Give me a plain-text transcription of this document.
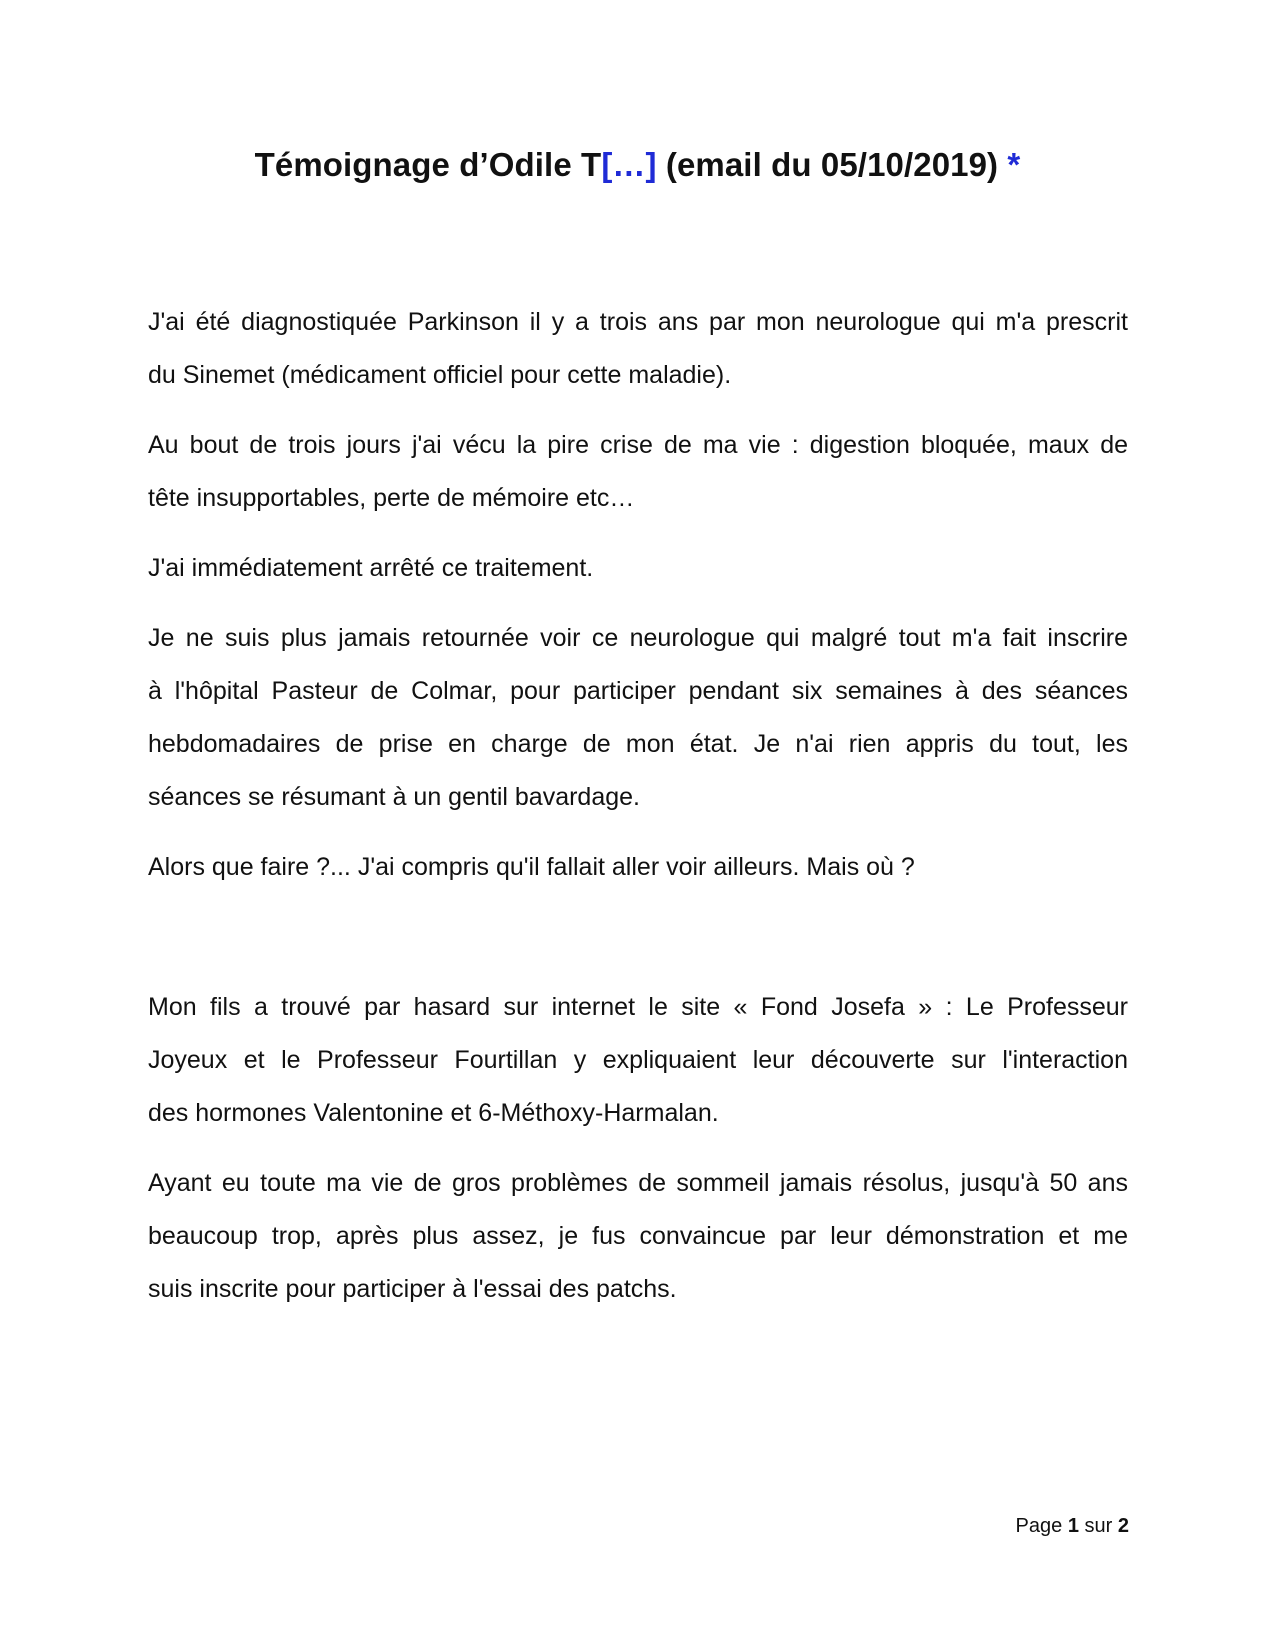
Témoignage d’Odile T[…] (email du 05/10/2019) *
J'ai été diagnostiquée Parkinson il y a trois ans par mon neurologue qui m'a prescrit
du Sinemet (médicament officiel pour cette maladie).
Au bout de trois jours j'ai vécu la pire crise de ma vie : digestion bloquée, maux de
tête insupportables, perte de mémoire etc…
J'ai immédiatement arrêté ce traitement.
Je ne suis plus jamais retournée voir ce neurologue qui malgré tout m'a fait inscrire
à l'hôpital Pasteur de Colmar, pour participer pendant six semaines à des séances
hebdomadaires de prise en charge de mon état. Je n'ai rien appris du tout, les
séances se résumant à un gentil bavardage.
Alors que faire ?... J'ai compris qu'il fallait aller voir ailleurs. Mais où ?
Mon fils a trouvé par hasard sur internet le site « Fond Josefa » : Le Professeur
Joyeux et le Professeur Fourtillan y expliquaient leur découverte sur l'interaction
des hormones Valentonine et 6-Méthoxy-Harmalan.
Ayant eu toute ma vie de gros problèmes de sommeil jamais résolus, jusqu'à 50 ans
beaucoup trop, après plus assez, je fus convaincue par leur démonstration et me
suis inscrite pour participer à l'essai des patchs.
Page 1 sur 2
